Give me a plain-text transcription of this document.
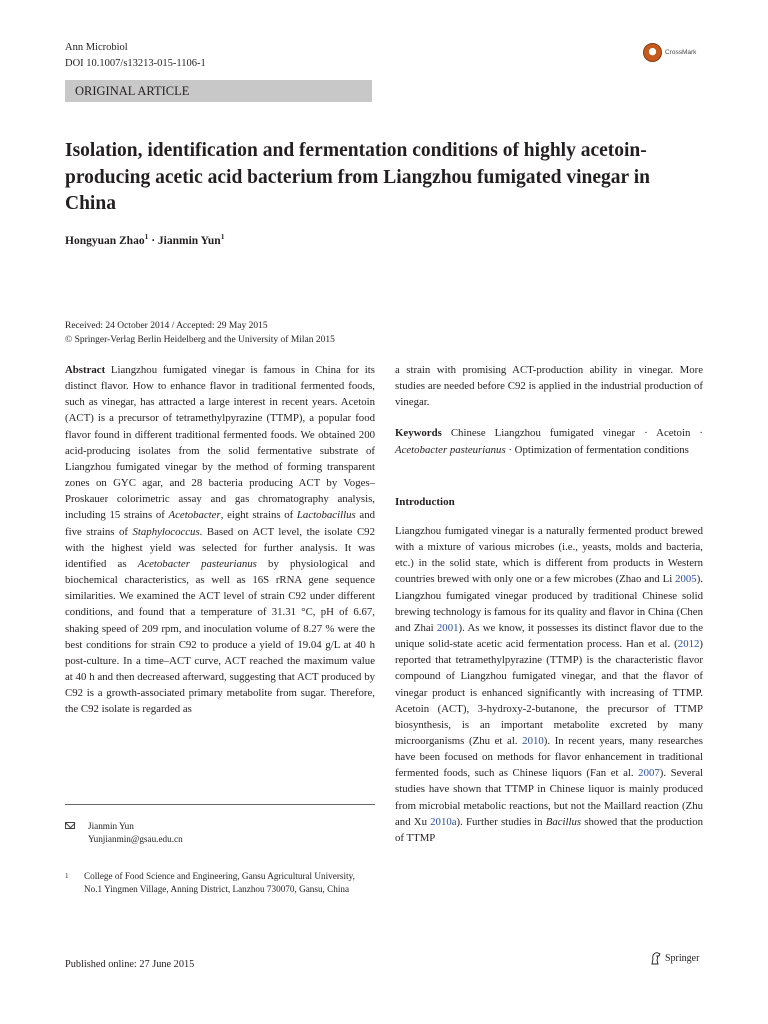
Ann Microbiol
DOI 10.1007/s13213-015-1106-1
CrossMark
ORIGINAL ARTICLE
Isolation, identification and fermentation conditions of highly acetoin-producing acetic acid bacterium from Liangzhou fumigated vinegar in China
Hongyuan Zhao$^1$ · Jianmin Yun$^1$
Received: 24 October 2014 / Accepted: 29 May 2015
© Springer-Verlag Berlin Heidelberg and the University of Milan 2015
Abstract Liangzhou fumigated vinegar is famous in China for its distinct flavor. How to enhance flavor in traditional fermented foods, such as vinegar, has attracted a large interest in recent years. Acetoin (ACT) is a precursor of tetramethylpyrazine (TTMP), a popular food flavor found in different traditional fermented foods. We obtained 200 acid-producing isolates from the solid fermentative substrate of Liangzhou fumigated vinegar by the method of forming transparent zones on GYC agar, and 28 bacteria producing ACT by Voges–Proskauer colorimetric assay and gas chromatography analysis, including 15 strains of Acetobacter, eight strains of Lactobacillus and five strains of Staphylococcus. Based on ACT level, the isolate C92 with the highest yield was selected for further analysis. It was identified as Acetobacter pasteurianus by physiological and biochemical characteristics, as well as 16S rRNA gene sequence similarities. We examined the ACT level of strain C92 under different conditions, and found that a temperature of 31.31 °C, pH of 6.67, shaking speed of 209 rpm, and inoculation volume of 8.27 % were the best conditions for strain C92 to produce a yield of 19.04 g/L at 40 h post-culture. In a time–ACT curve, ACT reached the maximum value at 40 h and then decreased afterward, suggesting that ACT produced by C92 is a growth-associated primary metabolite from sugar. Therefore, the C92 isolate is regarded as
a strain with promising ACT-production ability in vinegar. More studies are needed before C92 is applied in the industrial production of vinegar.
Keywords Chinese Liangzhou fumigated vinegar · Acetoin · Acetobacter pasteurianus · Optimization of fermentation conditions
Introduction
Liangzhou fumigated vinegar is a naturally fermented product brewed with a mixture of various microbes (i.e., yeasts, molds and bacteria, etc.) in the solid state, which is different from products in Western countries brewed with only one or a few microbes (Zhao and Li 2005). Liangzhou fumigated vinegar produced by traditional Chinese solid brewing technology is famous for its quality and flavor in China (Chen and Zhai 2001). As we know, it possesses its distinct flavor due to the unique solid-state acetic acid fermentation process. Han et al. (2012) reported that tetramethylpyrazine (TTMP) is the characteristic flavor compound of Liangzhou fumigated vinegar, and that the flavor of vinegar product is enhanced significantly with increasing of TTMP. Acetoin (ACT), 3-hydroxy-2-butanone, the precursor of TTMP biosynthesis, is an important metabolite excreted by many microorganisms (Zhu et al. 2010). In recent years, many researches have been focused on methods for flavor enhancement in traditional fermented foods, such as Chinese liquors (Fan et al. 2007). Several studies have shown that TTMP in Chinese liquor is mainly produced from microbial metabolic reactions, but not the Maillard reaction (Zhu and Xu 2010a). Further studies in Bacillus showed that the production of TTMP
Jianmin Yun
Yunjianmin@gsau.edu.cn
1 College of Food Science and Engineering, Gansu Agricultural University, No.1 Yingmen Village, Anning District, Lanzhou 730070, Gansu, China
Published online: 27 June 2015
Springer
